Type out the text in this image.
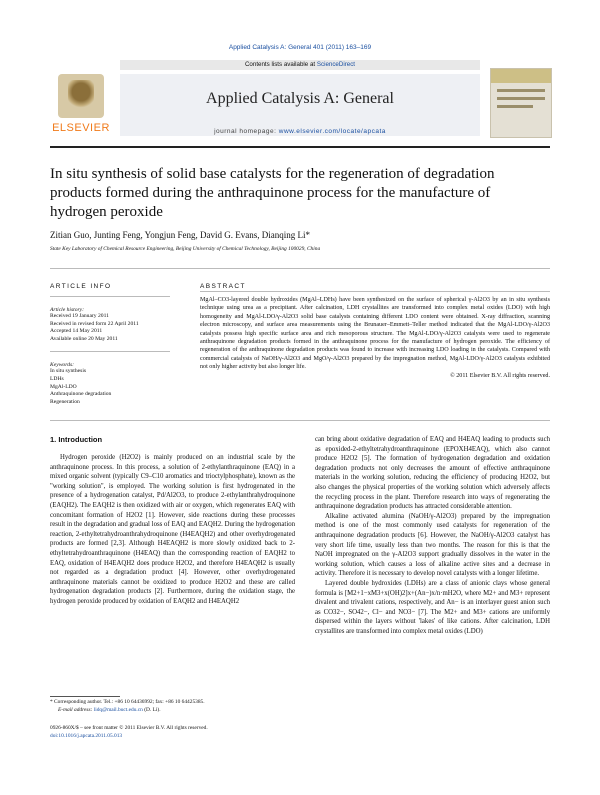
Applied Catalysis A: General 401 (2011) 163–169
Contents lists available at ScienceDirect
ELSEVIER
Applied Catalysis A: General
journal homepage: www.elsevier.com/locate/apcata
In situ synthesis of solid base catalysts for the regeneration of degradation products formed during the anthraquinone process for the manufacture of hydrogen peroxide
Zitian Guo, Junting Feng, Yongjun Feng, David G. Evans, Dianqing Li*
State Key Laboratory of Chemical Resource Engineering, Beijing University of Chemical Technology, Beijing 100029, China
ARTICLE INFO
Article history:
Received 19 January 2011
Received in revised form 22 April 2011
Accepted 14 May 2011
Available online 20 May 2011
Keywords:
In situ synthesis
LDHs
MgAl-LDO
Anthraquinone degradation
Regeneration
ABSTRACT
MgAl–CO3-layered double hydroxides (MgAl–LDHs) have been synthesized on the surface of spherical γ-Al2O3 by an in situ synthesis technique using urea as a precipitant. After calcination, LDH crystallites are transformed into complex metal oxides (LDO) with high homogeneity and MgAl-LDO/γ-Al2O3 solid base catalysts containing different LDO content were obtained. X-ray diffraction, scanning electron microscopy, and surface area measurements using the Brunauer–Emmett–Teller method indicated that the MgAl-LDO/γ-Al2O3 catalysts possess high specific surface area and rich mesoporous structure. The MgAl-LDO/γ-Al2O3 catalysts were used to regenerate anthraquinone degradation products formed in the anthraquinone process for the manufacture of hydrogen peroxide. The efficiency of regeneration of the anthraquinone degradation products was found to increase with increasing LDO loading in the catalysts. Compared with commercial catalysts of NaOH/γ-Al2O3 and MgO/γ-Al2O3 prepared by the impregnation method, MgAl-LDO/γ-Al2O3 catalysts exhibited not only higher activity but also longer life.
© 2011 Elsevier B.V. All rights reserved.
1. Introduction

Hydrogen peroxide (H2O2) is mainly produced on an industrial scale by the anthraquinone process. In this process, a solution of 2-ethylanthraquinone (EAQ) in a mixed organic solvent (typically C9–C10 aromatics and trioctylphosphate), known as the "working solution", is employed. The working solution is first hydrogenated in the presence of a hydrogenation catalyst, Pd/Al2O3, to produce 2-ethylanthrahydroquinone (EAQH2). The EAQH2 is then oxidized with air or oxygen, which regenerates EAQ with concomitant formation of H2O2 [1]. However, side reactions during these processes result in the degradation and gradual loss of EAQ and EAQH2. During the hydrogenation reaction, 2-ethyltetrahydroanthrahydroquinone (H4EAQH2) and other overhydrogenated products are formed [2,3]. Although H4EAQH2 is more slowly oxidized back to 2-ethyltetrahydroanthraquinone (H4EAQ) than the corresponding reaction of EAQH2 to EAQ, oxidation of H4EAQH2 does produce H2O2, and therefore H4EAQH2 is usually not regarded as a degradation product [4]. However, other overhydrogenated anthraquinone materials cannot be oxidized to produce H2O2 and these are called hydrogenation degradation products [2]. Furthermore, during the oxidation stage, the hydrogen peroxide produced by oxidation of EAQH2 and H4EAQH2

can bring about oxidative degradation of EAQ and H4EAQ leading to products such as epoxided-2-ethyltetrahydroanthraquinone (EPOXH4EAQ), which also cannot produce H2O2 [5]. The formation of hydrogenation degradation and oxidation degradation products not only decreases the amount of effective anthraquinone materials in the working solution, reducing the efficiency of producing H2O2, but also changes the physical properties of the working solution which adversely affects the recycling process in the plant. Therefore research into ways of regenerating the anthraquinone degradation products has attracted considerable attention.

Alkaline activated alumina (NaOH/γ-Al2O3) prepared by the impregnation method is one of the most commonly used catalysts for regeneration of the anthraquinone degradation products [6]. However, the NaOH/γ-Al2O3 catalyst has very short life time, usually less than two months. The reason for this is that the NaOH impregnated on the γ-Al2O3 support gradually dissolves in the water in the working solution, which causes a loss of alkaline active sites and a decrease in activity. Therefore it is necessary to develop novel catalysts with a longer lifetime.

Layered double hydroxides (LDHs) are a class of anionic clays whose general formula is [M2+1−xM3+x(OH)2]x+(An−)x/n·mH2O, where M2+ and M3+ represent divalent and trivalent cations, respectively, and An− is an interlayer guest anion such as CO32−, SO42−, Cl− and NO3− [7]. The M2+ and M3+ cations are uniformly dispersed within the layers without 'lakes' of like cations. After calcination, LDH crystallites are transformed into complex metal oxides (LDO)

* Corresponding author. Tel.: +86 10 64436992; fax: +86 10 64425385.
E-mail address: lidq@mail.buct.edu.cn (D. Li).
0926-860X/$ – see front matter © 2011 Elsevier B.V. All rights reserved.
doi:10.1016/j.apcata.2011.05.013
